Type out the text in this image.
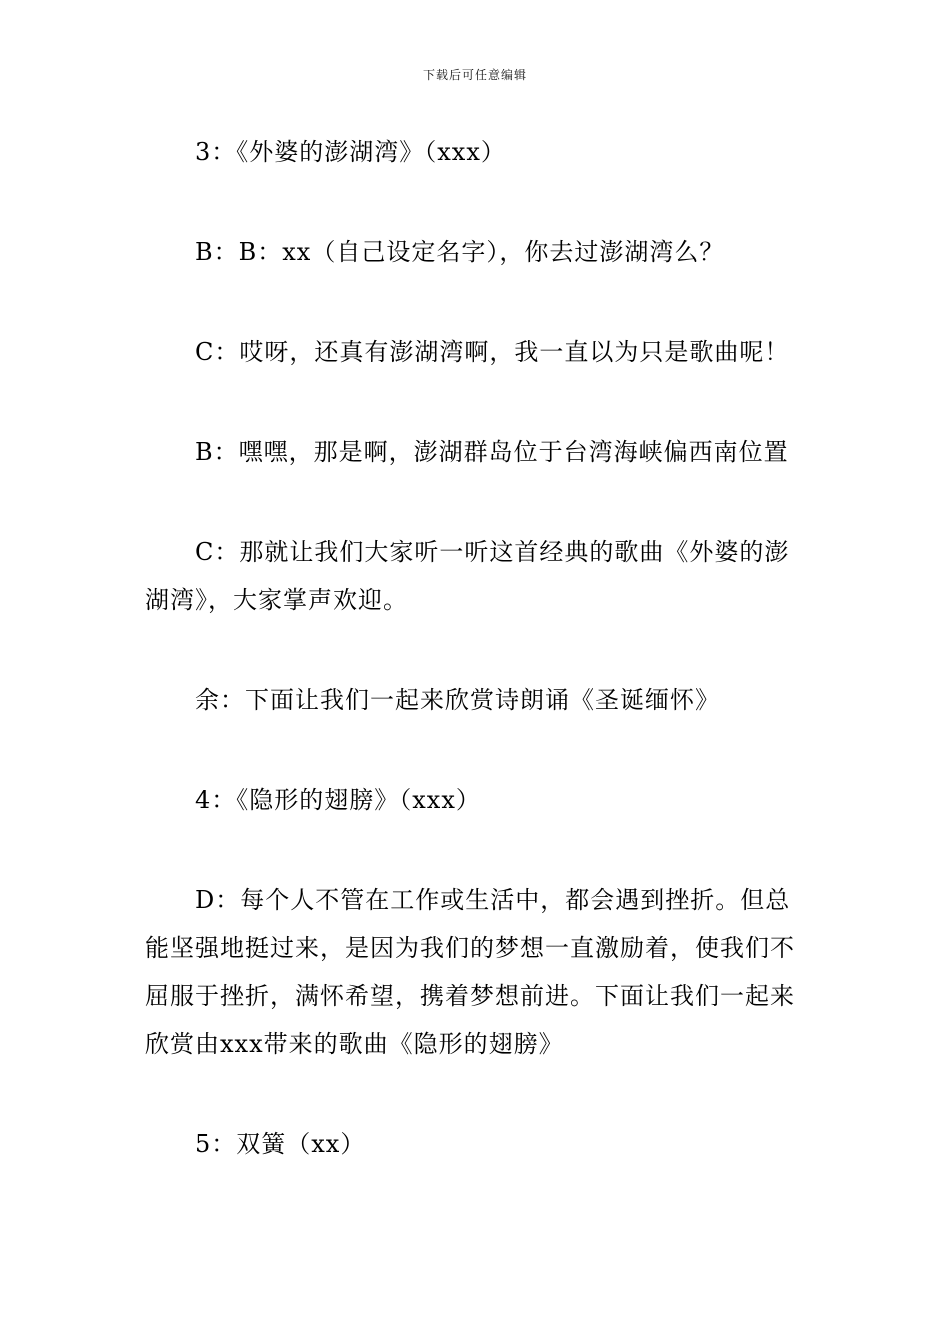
下载后可任意编辑

3：《外婆的澎湖湾》（xxx）

B：B：xx（自己设定名字），你去过澎湖湾么？

C：哎呀，还真有澎湖湾啊，我一直以为只是歌曲呢！

B：嘿嘿，那是啊，澎湖群岛位于台湾海峡偏西南位置

C：那就让我们大家听一听这首经典的歌曲《外婆的澎湖湾》，大家掌声欢迎。

余：下面让我们一起来欣赏诗朗诵《圣诞缅怀》

4：《隐形的翅膀》（xxx）

D：每个人不管在工作或生活中，都会遇到挫折。但总能坚强地挺过来，是因为我们的梦想一直激励着，使我们不屈服于挫折，满怀希望，携着梦想前进。下面让我们一起来欣赏由xxx带来的歌曲《隐形的翅膀》

5：双簧（xx）
